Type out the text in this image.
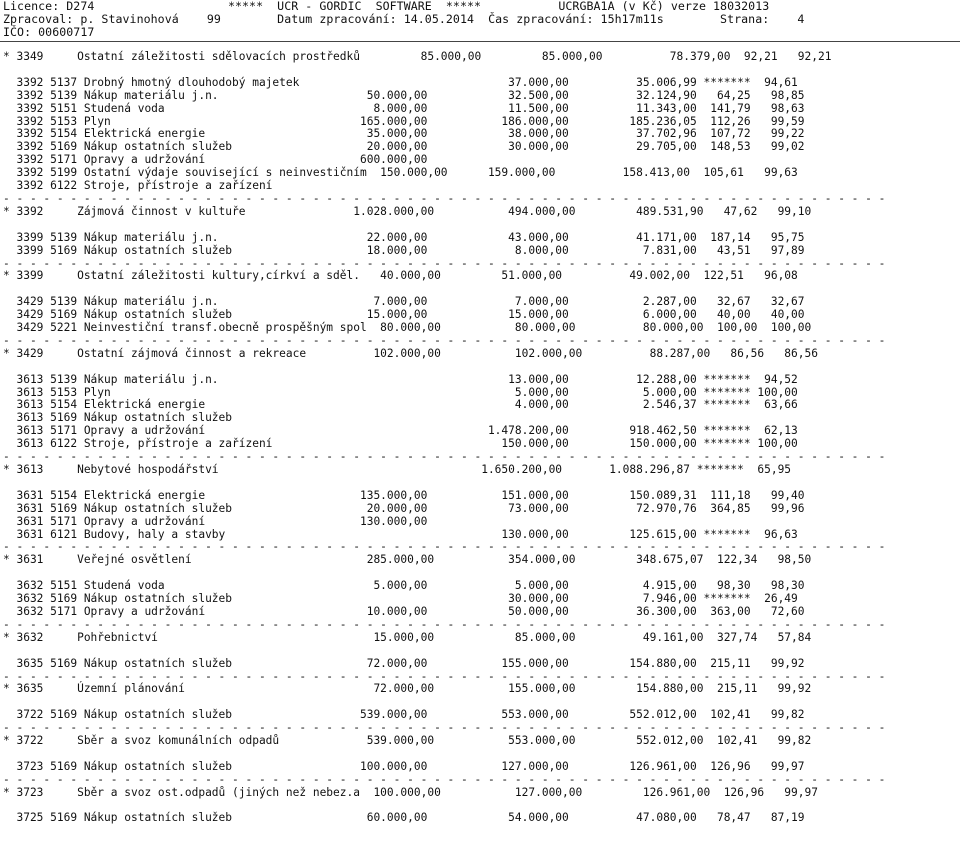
Licence: D274                   *****  UCR - GORDIC  SOFTWARE  *****           UCRGBA1A (v Kč) verze 18032013
Zpracoval: p. Stavinohová    99        Datum zpracování: 14.05.2014  Čas zpracování: 15h17m11s        Strana:    4
IČO: 00600717
* 3349     Ostatní záležitosti sdělovacích prostředků         85.000,00         85.000,00          78.379,00  92,21   92,21

3392 5137 Drobný hmotný dlouhodobý majetek                               37.000,00          35.006,99 *******  94,61
3392 5139 Nákup materiálu j.n.                      50.000,00            32.500,00          32.124,90   64,25   98,85
3392 5151 Studená voda                               8.000,00            11.500,00          11.343,00  141,79   98,63
3392 5153 Plyn                                     165.000,00           186.000,00         185.236,05  112,26   99,59
3392 5154 Elektrická energie                        35.000,00            38.000,00          37.702,96  107,72   99,22
3392 5169 Nákup ostatních služeb                    20.000,00            30.000,00          29.705,00  148,53   99,02
3392 5171 Opravy a udržování                       600.000,00
3392 5199 Ostatní výdaje související s neinvestičním  150.000,00      159.000,00          158.413,00  105,61   99,63
3392 6122 Stroje, přístroje a zařízení
- - - - - - - - - - - - - - - - - - - - - - - - - - - - - - - - - - - - - - - - - - - - - - - - - - - - - - - - - - - - - - - - - -
* 3392     Zájmová činnost v kultuře                1.028.000,00           494.000,00         489.531,90   47,62   99,10

3399 5139 Nákup materiálu j.n.                      22.000,00            43.000,00          41.171,00  187,14   95,75
3399 5169 Nákup ostatních služeb                    18.000,00             8.000,00           7.831,00   43,51   97,89
- - - - - - - - - - - - - - - - - - - - - - - - - - - - - - - - - - - - - - - - - - - - - - - - - - - - - - - - - - - - - - - - - -
* 3399     Ostatní záležitosti kultury,církví a sděl.   40.000,00         51.000,00          49.002,00  122,51   96,08

3429 5139 Nákup materiálu j.n.                       7.000,00             7.000,00           2.287,00   32,67   32,67
3429 5169 Nákup ostatních služeb                    15.000,00            15.000,00           6.000,00   40,00   40,00
3429 5221 Neinvestiční transf.obecně prospěšným spol  80.000,00           80.000,00          80.000,00  100,00  100,00
- - - - - - - - - - - - - - - - - - - - - - - - - - - - - - - - - - - - - - - - - - - - - - - - - - - - - - - - - - - - - - - - - -
* 3429     Ostatní zájmová činnost a rekreace          102.000,00           102.000,00          88.287,00   86,56   86,56

3613 5139 Nákup materiálu j.n.                                           13.000,00          12.288,00 *******  94,52
3613 5153 Plyn                                                            5.000,00           5.000,00 ******* 100,00
3613 5154 Elektrická energie                                              4.000,00           2.546,37 *******  63,66
3613 5169 Nákup ostatních služeb
3613 5171 Opravy a udržování                                          1.478.200,00         918.462,50 *******  62,13
3613 6122 Stroje, přístroje a zařízení                                  150.000,00         150.000,00 ******* 100,00
- - - - - - - - - - - - - - - - - - - - - - - - - - - - - - - - - - - - - - - - - - - - - - - - - - - - - - - - - - - - - - - - - -
* 3613     Nebytové hospodářství                                       1.650.200,00       1.088.296,87 *******  65,95

3631 5154 Elektrická energie                       135.000,00           151.000,00         150.089,31  111,18   99,40
3631 5169 Nákup ostatních služeb                    20.000,00            73.000,00          72.970,76  364,85   99,96
3631 5171 Opravy a udržování                       130.000,00
3631 6121 Budovy, haly a stavby                                         130.000,00         125.615,00 *******  96,63
- - - - - - - - - - - - - - - - - - - - - - - - - - - - - - - - - - - - - - - - - - - - - - - - - - - - - - - - - - - - - - - - - -
* 3631     Veřejné osvětlení                          285.000,00           354.000,00         348.675,07  122,34   98,50

3632 5151 Studená voda                               5.000,00             5.000,00           4.915,00   98,30   98,30
3632 5169 Nákup ostatních služeb                                         30.000,00           7.946,00 *******  26,49
3632 5171 Opravy a udržování                        10.000,00            50.000,00          36.300,00  363,00   72,60
- - - - - - - - - - - - - - - - - - - - - - - - - - - - - - - - - - - - - - - - - - - - - - - - - - - - - - - - - - - - - - - - - -
* 3632     Pohřebnictví                                15.000,00            85.000,00          49.161,00  327,74   57,84

3635 5169 Nákup ostatních služeb                    72.000,00           155.000,00         154.880,00  215,11   99,92
- - - - - - - - - - - - - - - - - - - - - - - - - - - - - - - - - - - - - - - - - - - - - - - - - - - - - - - - - - - - - - - - - -
* 3635     Územní plánování                            72.000,00           155.000,00         154.880,00  215,11   99,92

3722 5169 Nákup ostatních služeb                   539.000,00           553.000,00         552.012,00  102,41   99,82
- - - - - - - - - - - - - - - - - - - - - - - - - - - - - - - - - - - - - - - - - - - - - - - - - - - - - - - - - - - - - - - - - -
* 3722     Sběr a svoz komunálních odpadů             539.000,00           553.000,00         552.012,00  102,41   99,82

3723 5169 Nákup ostatních služeb                   100.000,00           127.000,00         126.961,00  126,96   99,97
- - - - - - - - - - - - - - - - - - - - - - - - - - - - - - - - - - - - - - - - - - - - - - - - - - - - - - - - - - - - - - - - - -
* 3723     Sběr a svoz ost.odpadů (jiných než nebez.a  100.000,00           127.000,00         126.961,00  126,96   99,97

3725 5169 Nákup ostatních služeb                    60.000,00            54.000,00          47.080,00   78,47   87,19
